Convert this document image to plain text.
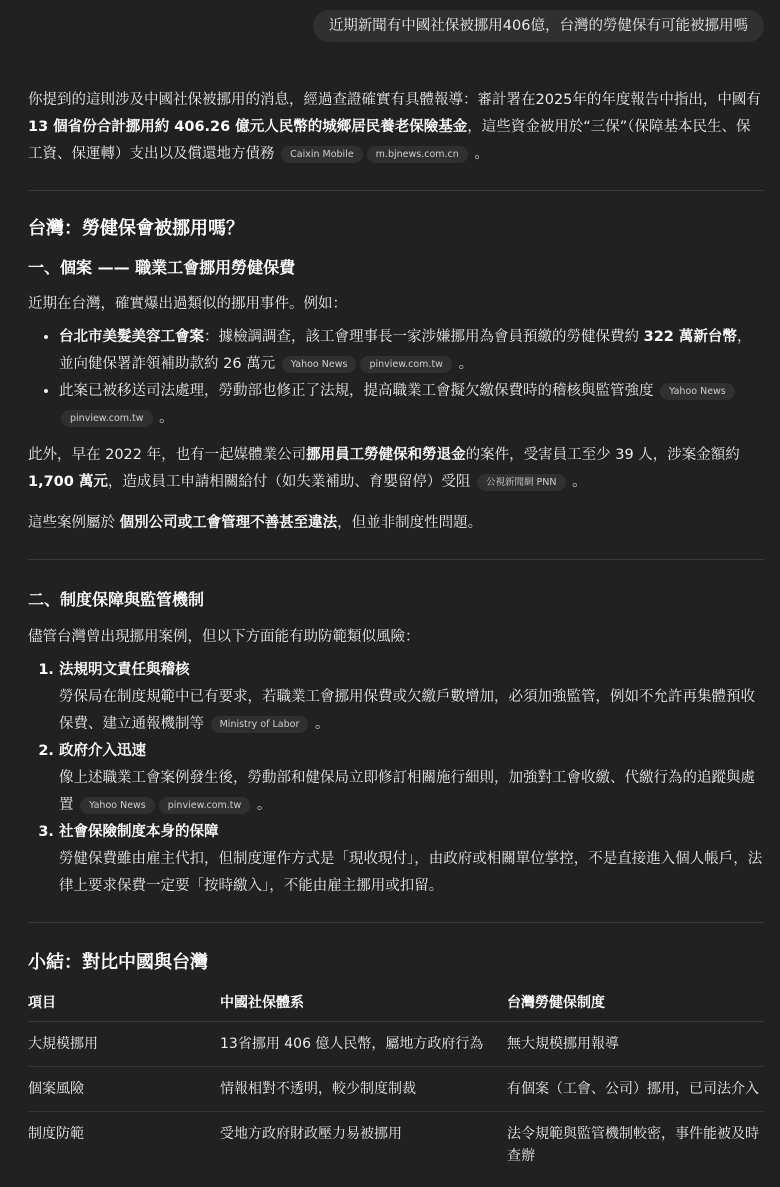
近期新聞有中國社保被挪用406億，台灣的勞健保有可能被挪用嗎

你提到的這則涉及中國社保被挪用的消息，經過查證確實有具體報導：審計署在2025年的年度報告中指出，中國有 13 個省份合計挪用約 406.26 億元人民幣的城鄉居民養老保險基金，這些資金被用於“三保”（保障基本民生、保工資、保運轉）支出以及償還地方債務 Caixin Mobile m.bjnews.com.cn 。

台灣：勞健保會被挪用嗎？
一、個案 —— 職業工會挪用勞健保費

近期在台灣，確實爆出過類似的挪用事件。例如：

• 台北市美髮美容工會案：據檢調調查，該工會理事長一家涉嫌挪用為會員預繳的勞健保費約 322 萬新台幣，並向健保署詐領補助款約 26 萬元 Yahoo News pinview.com.tw 。
• 此案已被移送司法處理，勞動部也修正了法規，提高職業工會擬欠繳保費時的稽核與監管強度 Yahoo Newspinview.com.tw 。

此外，早在 2022 年，也有一起媒體業公司挪用員工勞健保和勞退金的案件，受害員工至少 39 人，涉案金額約 1,700 萬元，造成員工申請相關給付（如失業補助、育嬰留停）受阻 公視新聞網 PNN 。

這些案例屬於 個別公司或工會管理不善甚至違法，但並非制度性問題。

二、制度保障與監管機制

儘管台灣曾出現挪用案例，但以下方面能有助防範類似風險：

1. 法規明文責任與稽核
勞保局在制度規範中已有要求，若職業工會挪用保費或欠繳戶數增加，必須加強監管，例如不允許再集體預收保費、建立通報機制等 Ministry of Labor 。
2. 政府介入迅速
像上述職業工會案例發生後，勞動部和健保局立即修訂相關施行細則，加強對工會收繳、代繳行為的追蹤與處置 Yahoo News pinview.com.tw 。
3. 社會保險制度本身的保障
勞健保費雖由雇主代扣，但制度運作方式是「現收現付」，由政府或相關單位掌控，不是直接進入個人帳戶，法律上要求保費一定要「按時繳入」，不能由雇主挪用或扣留。
小結：對比中國與台灣
項目	中國社保體系	台灣勞健保制度
大規模挪用	13省挪用 406 億人民幣，屬地方政府行為	無大規模挪用報導
個案風險	情報相對不透明，較少制度制裁	有個案（工會、公司）挪用，已司法介入
制度防範	受地方政府財政壓力易被挪用	法令規範與監管機制較密，事件能被及時查辦
